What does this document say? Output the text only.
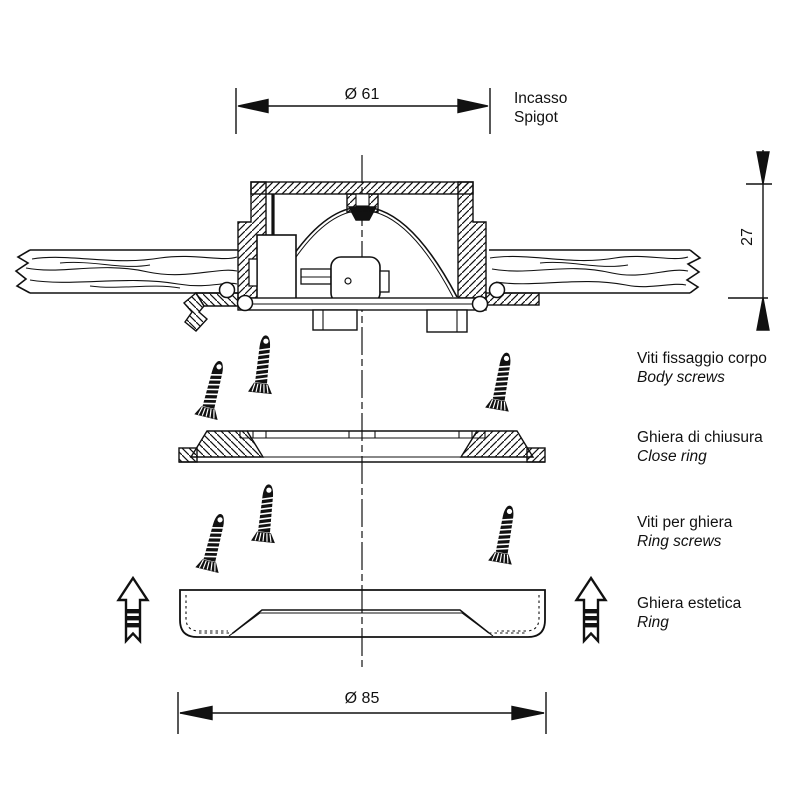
Ø 61	Incasso
Spigot
27
Viti fissaggio corpo
Body screws
Ghiera di chiusura
Close ring
Viti per ghiera
Ring screws
Ghiera estetica
Ring
Ø 85
